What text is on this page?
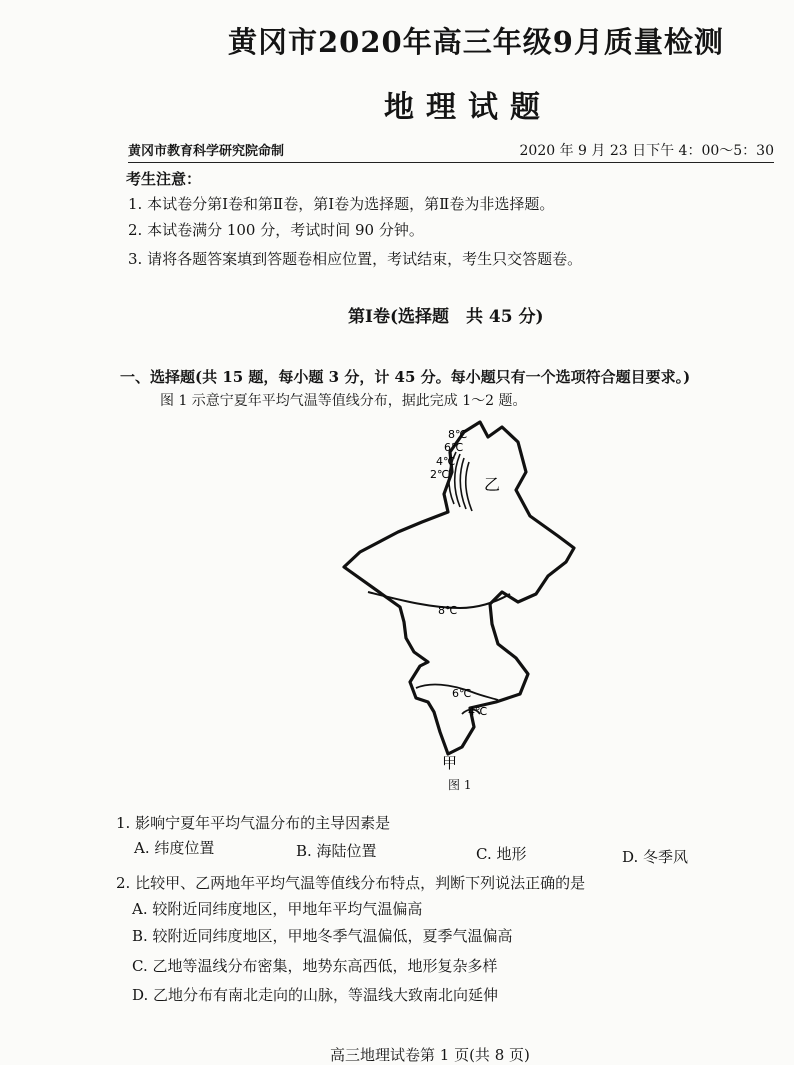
黄冈市2020年高三年级9月质量检测
地理试题
黄冈市教育科学研究院命制	2020 年 9 月 23 日下午 4：00～5：30
考生注意：
1. 本试卷分第Ⅰ卷和第Ⅱ卷，第Ⅰ卷为选择题，第Ⅱ卷为非选择题。
2. 本试卷满分 100 分，考试时间 90 分钟。
3. 请将各题答案填到答题卷相应位置，考试结束，考生只交答题卷。
第Ⅰ卷(选择题　共 45 分)
一、选择题(共 15 题，每小题 3 分，计 45 分。每小题只有一个选项符合题目要求。)
图 1 示意宁夏年平均气温等值线分布，据此完成 1～2 题。
8℃
6℃
4℃
2℃
乙
8℃
6℃
4℃
甲
图 1
1. 影响宁夏年平均气温分布的主导因素是
A. 纬度位置	B. 海陆位置	C. 地形	D. 冬季风
2. 比较甲、乙两地年平均气温等值线分布特点，判断下列说法正确的是
A. 较附近同纬度地区，甲地年平均气温偏高
B. 较附近同纬度地区，甲地冬季气温偏低，夏季气温偏高
C. 乙地等温线分布密集，地势东高西低，地形复杂多样
D. 乙地分布有南北走向的山脉，等温线大致南北向延伸
高三地理试卷第 1 页(共 8 页)
